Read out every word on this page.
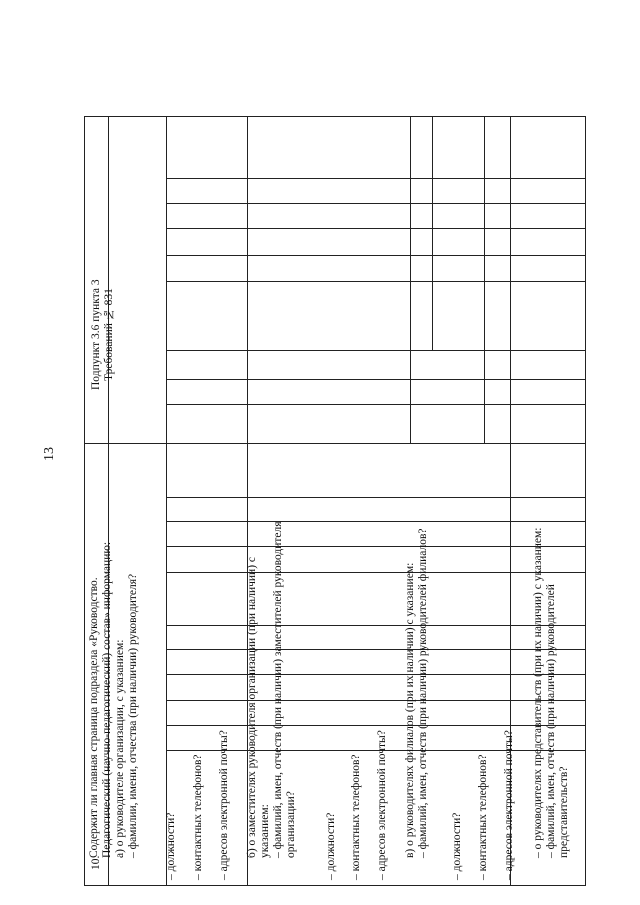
13
Содержит ли главная страница подраздела «Руководство. Педагогический (научно-педагогический) состав» информацию: а) о руководителе организации, с указанием: – фамилии, имени, отчества (при наличии) руководителя? – должности? – контактных телефонов? – адресов электронной почты? б) о заместителях руководителя организации (при наличии) с указанием: – фамилий, имен, отчеств (при наличии) заместителей руководителя организации? – должности? – контактных телефонов? – адресов электронной почты? в) о руководителях филиалов (при их наличии) с указанием: – фамилий, имен, отчеств (при наличии) руководителей филиалов? – должности? – контактных телефонов? – адресов электронной почты? – о руководителях представительств (при их наличии) с указанием: – фамилий, имен, отчеств (при наличии) руководителей представительств?
Подпункт 3.6 пункта 3 Требований № 831
10.
